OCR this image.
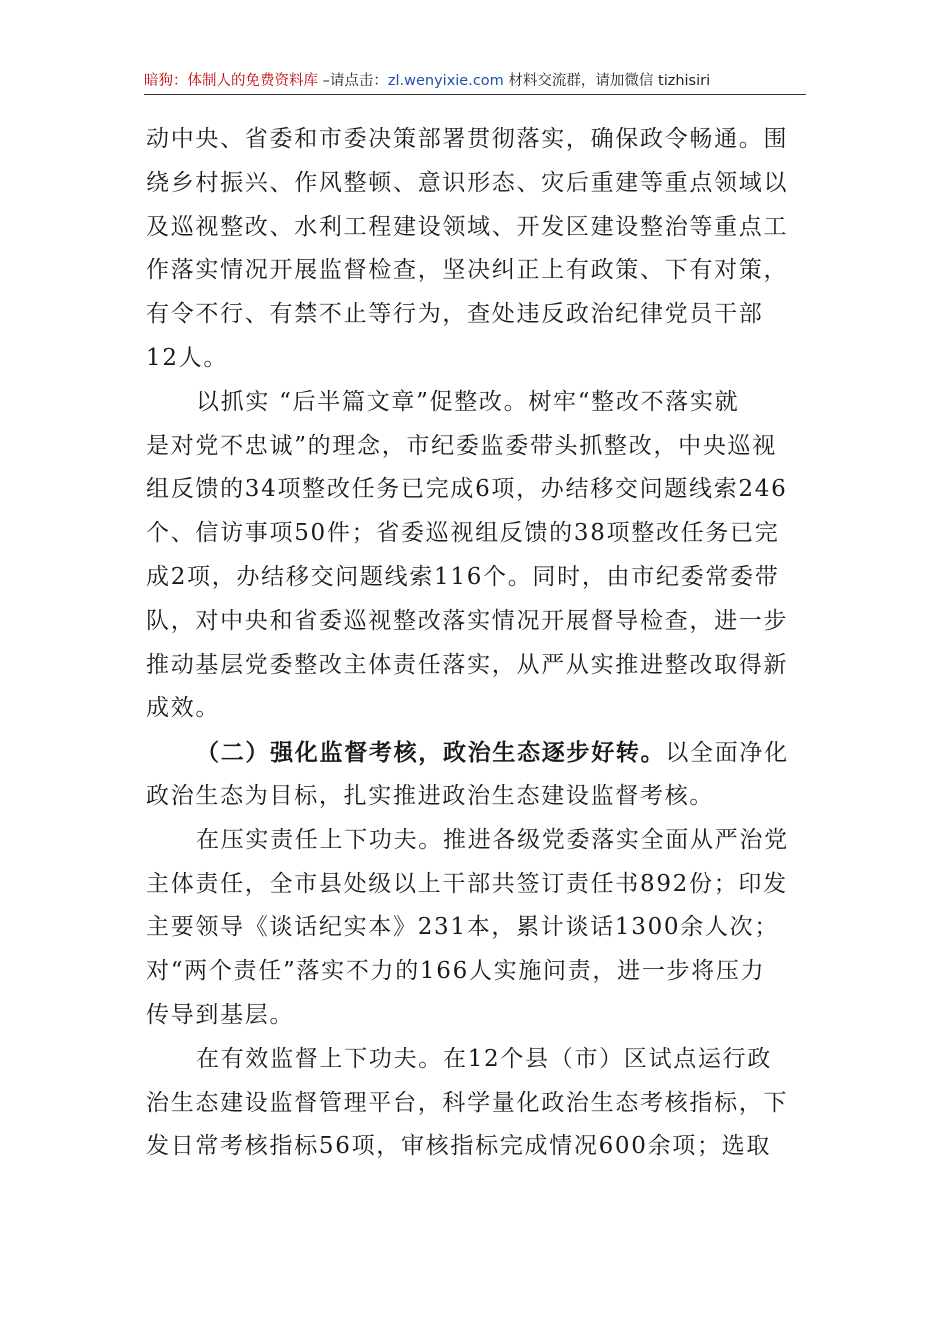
暗狗：体制人的免费资料库 –请点击：zl.wenyixie.com 材料交流群，请加微信 tizhisiri
动中央、省委和市委决策部署贯彻落实，确保政令畅通。围
绕乡村振兴、作风整顿、意识形态、灾后重建等重点领域以
及巡视整改、水利工程建设领域、开发区建设整治等重点工
作落实情况开展监督检查，坚决纠正上有政策、下有对策，
有令不行、有禁不止等行为，查处违反政治纪律党员干部
12人。
以抓实 “后半篇文章”促整改。树牢“整改不落实就
是对党不忠诚”的理念，市纪委监委带头抓整改，中央巡视
组反馈的34项整改任务已完成6项，办结移交问题线索246
个、信访事项50件；省委巡视组反馈的38项整改任务已完
成2项，办结移交问题线索116个。同时，由市纪委常委带
队，对中央和省委巡视整改落实情况开展督导检查，进一步
推动基层党委整改主体责任落实，从严从实推进整改取得新
成效。
（二）强化监督考核，政治生态逐步好转。以全面净化
政治生态为目标，扎实推进政治生态建设监督考核。
在压实责任上下功夫。推进各级党委落实全面从严治党
主体责任，全市县处级以上干部共签订责任书892份；印发
主要领导《谈话纪实本》231本，累计谈话1300余人次；
对“两个责任”落实不力的166人实施问责，进一步将压力
传导到基层。
在有效监督上下功夫。在12个县（市）区试点运行政
治生态建设监督管理平台，科学量化政治生态考核指标，下
发日常考核指标56项，审核指标完成情况600余项；选取
